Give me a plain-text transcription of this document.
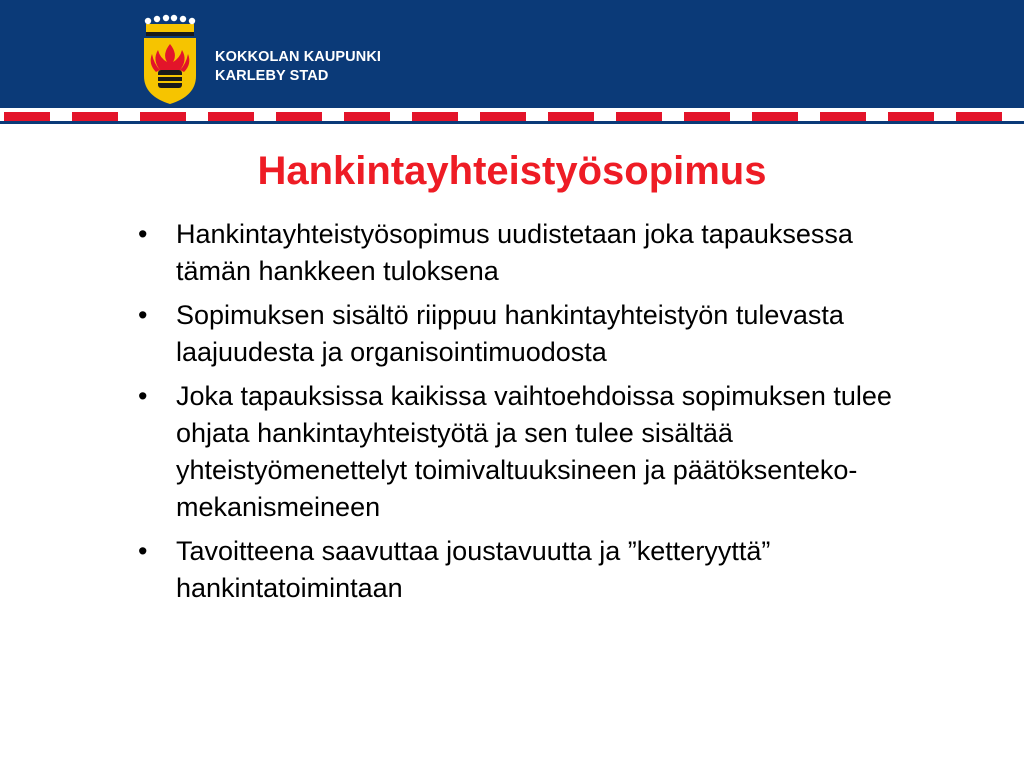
KOKKOLAN KAUPUNKI
KARLEBY STAD
Hankintayhteistyösopimus
• Hankintayhteistyösopimus uudistetaan joka tapauksessa tämän hankkeen tuloksena
• Sopimuksen sisältö riippuu hankintayhteistyön tulevasta laajuudesta ja organisointimuodosta
• Joka tapauksissa kaikissa vaihtoehdoissa sopimuksen tulee ohjata hankintayhteistyötä ja sen tulee sisältää yhteistyömenettelyt toimivaltuuksineen ja päätöksenteko-mekanismeineen
• Tavoitteena saavuttaa joustavuutta ja ”ketteryyttä” hankintatoimintaan
